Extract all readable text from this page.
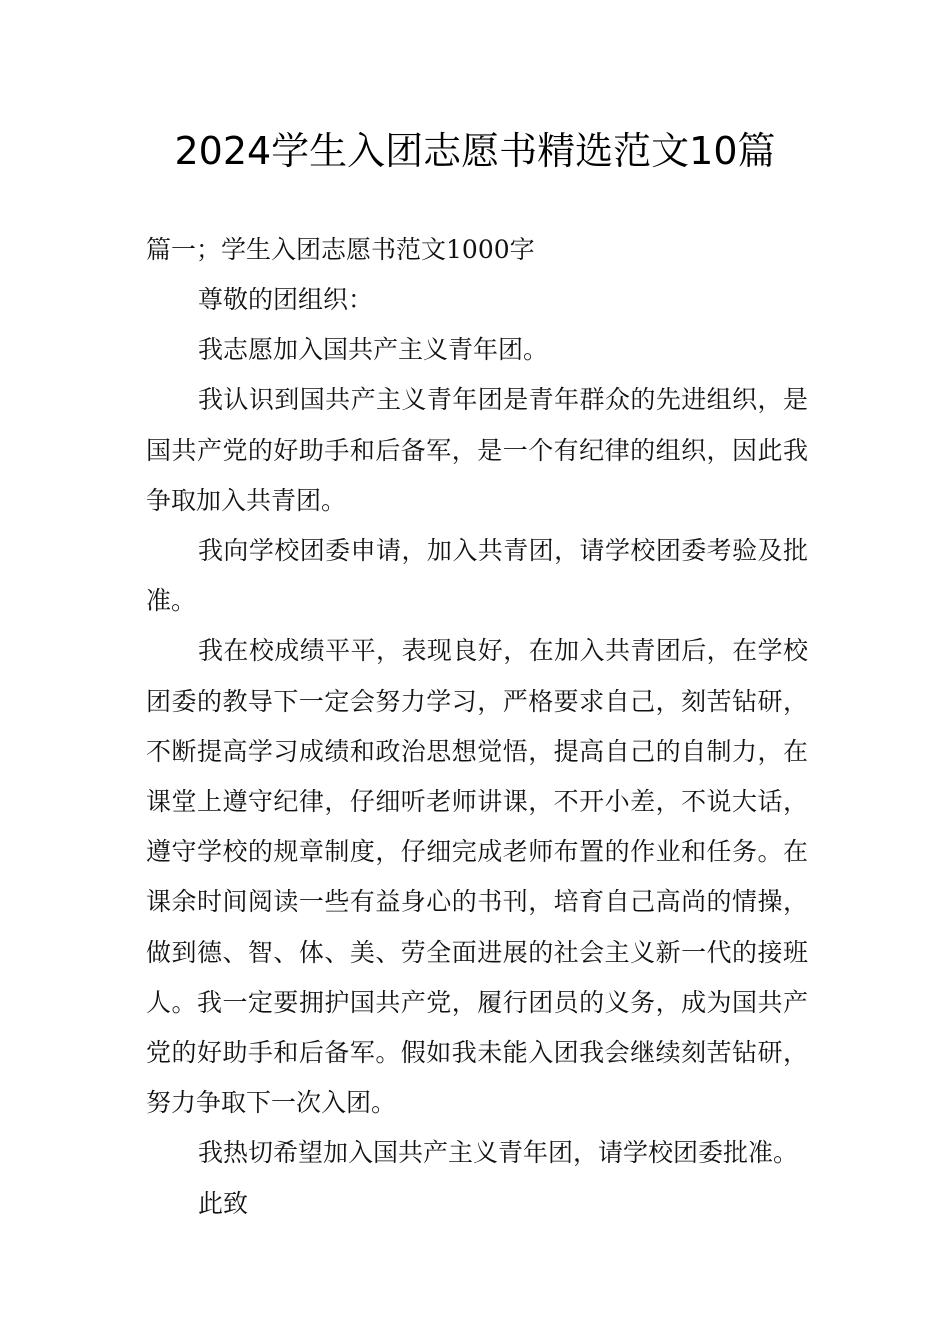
2024学生入团志愿书精选范文10篇

篇一；学生入团志愿书范文1000字

尊敬的团组织：

我志愿加入国共产主义青年团。

我认识到国共产主义青年团是青年群众的先进组织，是国共产党的好助手和后备军，是一个有纪律的组织，因此我争取加入共青团。

我向学校团委申请，加入共青团，请学校团委考验及批准。

我在校成绩平平，表现良好，在加入共青团后，在学校团委的教导下一定会努力学习，严格要求自己，刻苦钻研，不断提高学习成绩和政治思想觉悟，提高自己的自制力，在课堂上遵守纪律，仔细听老师讲课，不开小差，不说大话，遵守学校的规章制度，仔细完成老师布置的作业和任务。在课余时间阅读一些有益身心的书刊，培育自己高尚的情操，做到德、智、体、美、劳全面进展的社会主义新一代的接班人。我一定要拥护国共产党，履行团员的义务，成为国共产党的好助手和后备军。假如我未能入团我会继续刻苦钻研，努力争取下一次入团。

我热切希望加入国共产主义青年团，请学校团委批准。

此致
